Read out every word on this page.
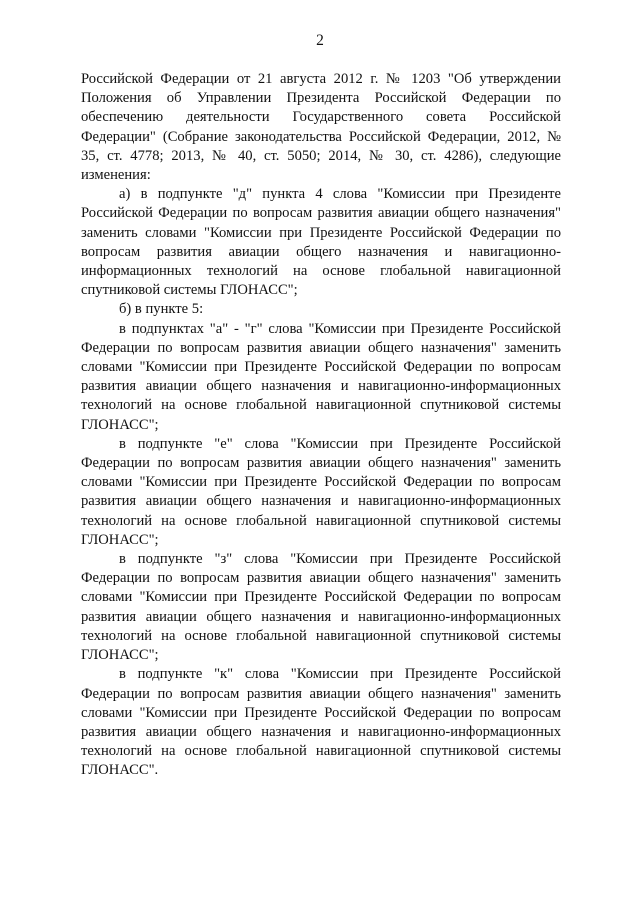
2

Российской Федерации от 21 августа 2012 г. № 1203 "Об утверждении Положения об Управлении Президента Российской Федерации по обеспечению деятельности Государственного совета Российской Федерации" (Собрание законодательства Российской Федерации, 2012, № 35, ст. 4778; 2013, № 40, ст. 5050; 2014, № 30, ст. 4286), следующие изменения:

а) в подпункте "д" пункта 4 слова "Комиссии при Президенте Российской Федерации по вопросам развития авиации общего назначения" заменить словами "Комиссии при Президенте Российской Федерации по вопросам развития авиации общего назначения и навигационно-информационных технологий на основе глобальной навигационной спутниковой системы ГЛОНАСС";

б) в пункте 5:

в подпунктах "а" - "г" слова "Комиссии при Президенте Российской Федерации по вопросам развития авиации общего назначения" заменить словами "Комиссии при Президенте Российской Федерации по вопросам развития авиации общего назначения и навигационно-информационных технологий на основе глобальной навигационной спутниковой системы ГЛОНАСС";

в подпункте "е" слова "Комиссии при Президенте Российской Федерации по вопросам развития авиации общего назначения" заменить словами "Комиссии при Президенте Российской Федерации по вопросам развития авиации общего назначения и навигационно-информационных технологий на основе глобальной навигационной спутниковой системы ГЛОНАСС";

в подпункте "з" слова "Комиссии при Президенте Российской Федерации по вопросам развития авиации общего назначения" заменить словами "Комиссии при Президенте Российской Федерации по вопросам развития авиации общего назначения и навигационно-информационных технологий на основе глобальной навигационной спутниковой системы ГЛОНАСС";

в подпункте "к" слова "Комиссии при Президенте Российской Федерации по вопросам развития авиации общего назначения" заменить словами "Комиссии при Президенте Российской Федерации по вопросам развития авиации общего назначения и навигационно-информационных технологий на основе глобальной навигационной спутниковой системы ГЛОНАСС".
